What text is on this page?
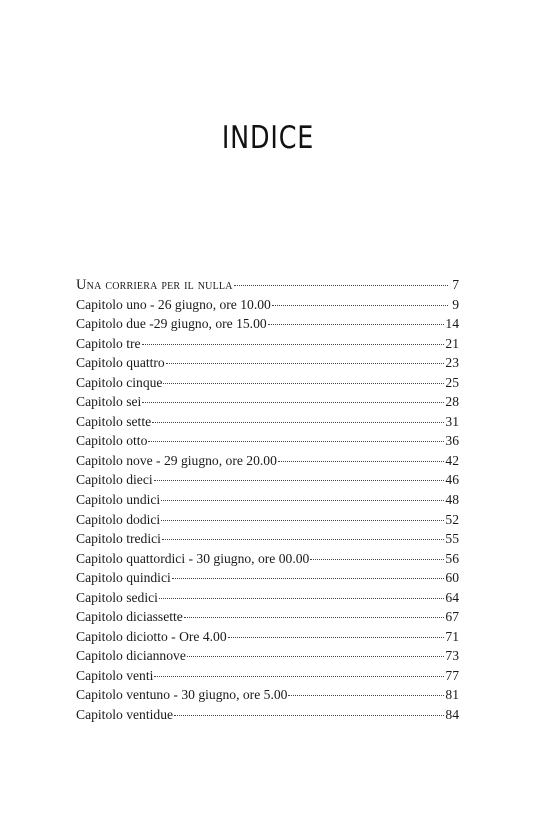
INDICE
Una corriera per il nulla	7
Capitolo uno - 26 giugno, ore 10.00	9
Capitolo due -29 giugno, ore 15.00	14
Capitolo tre	21
Capitolo quattro	23
Capitolo cinque	25
Capitolo sei	28
Capitolo sette	31
Capitolo otto	36
Capitolo nove - 29 giugno, ore 20.00	42
Capitolo dieci	46
Capitolo undici	48
Capitolo dodici	52
Capitolo tredici	55
Capitolo quattordici - 30 giugno, ore 00.00	56
Capitolo quindici	60
Capitolo sedici	64
Capitolo diciassette	67
Capitolo diciotto - Ore 4.00	71
Capitolo diciannove	73
Capitolo venti	77
Capitolo ventuno - 30 giugno, ore 5.00	81
Capitolo ventidue	84
